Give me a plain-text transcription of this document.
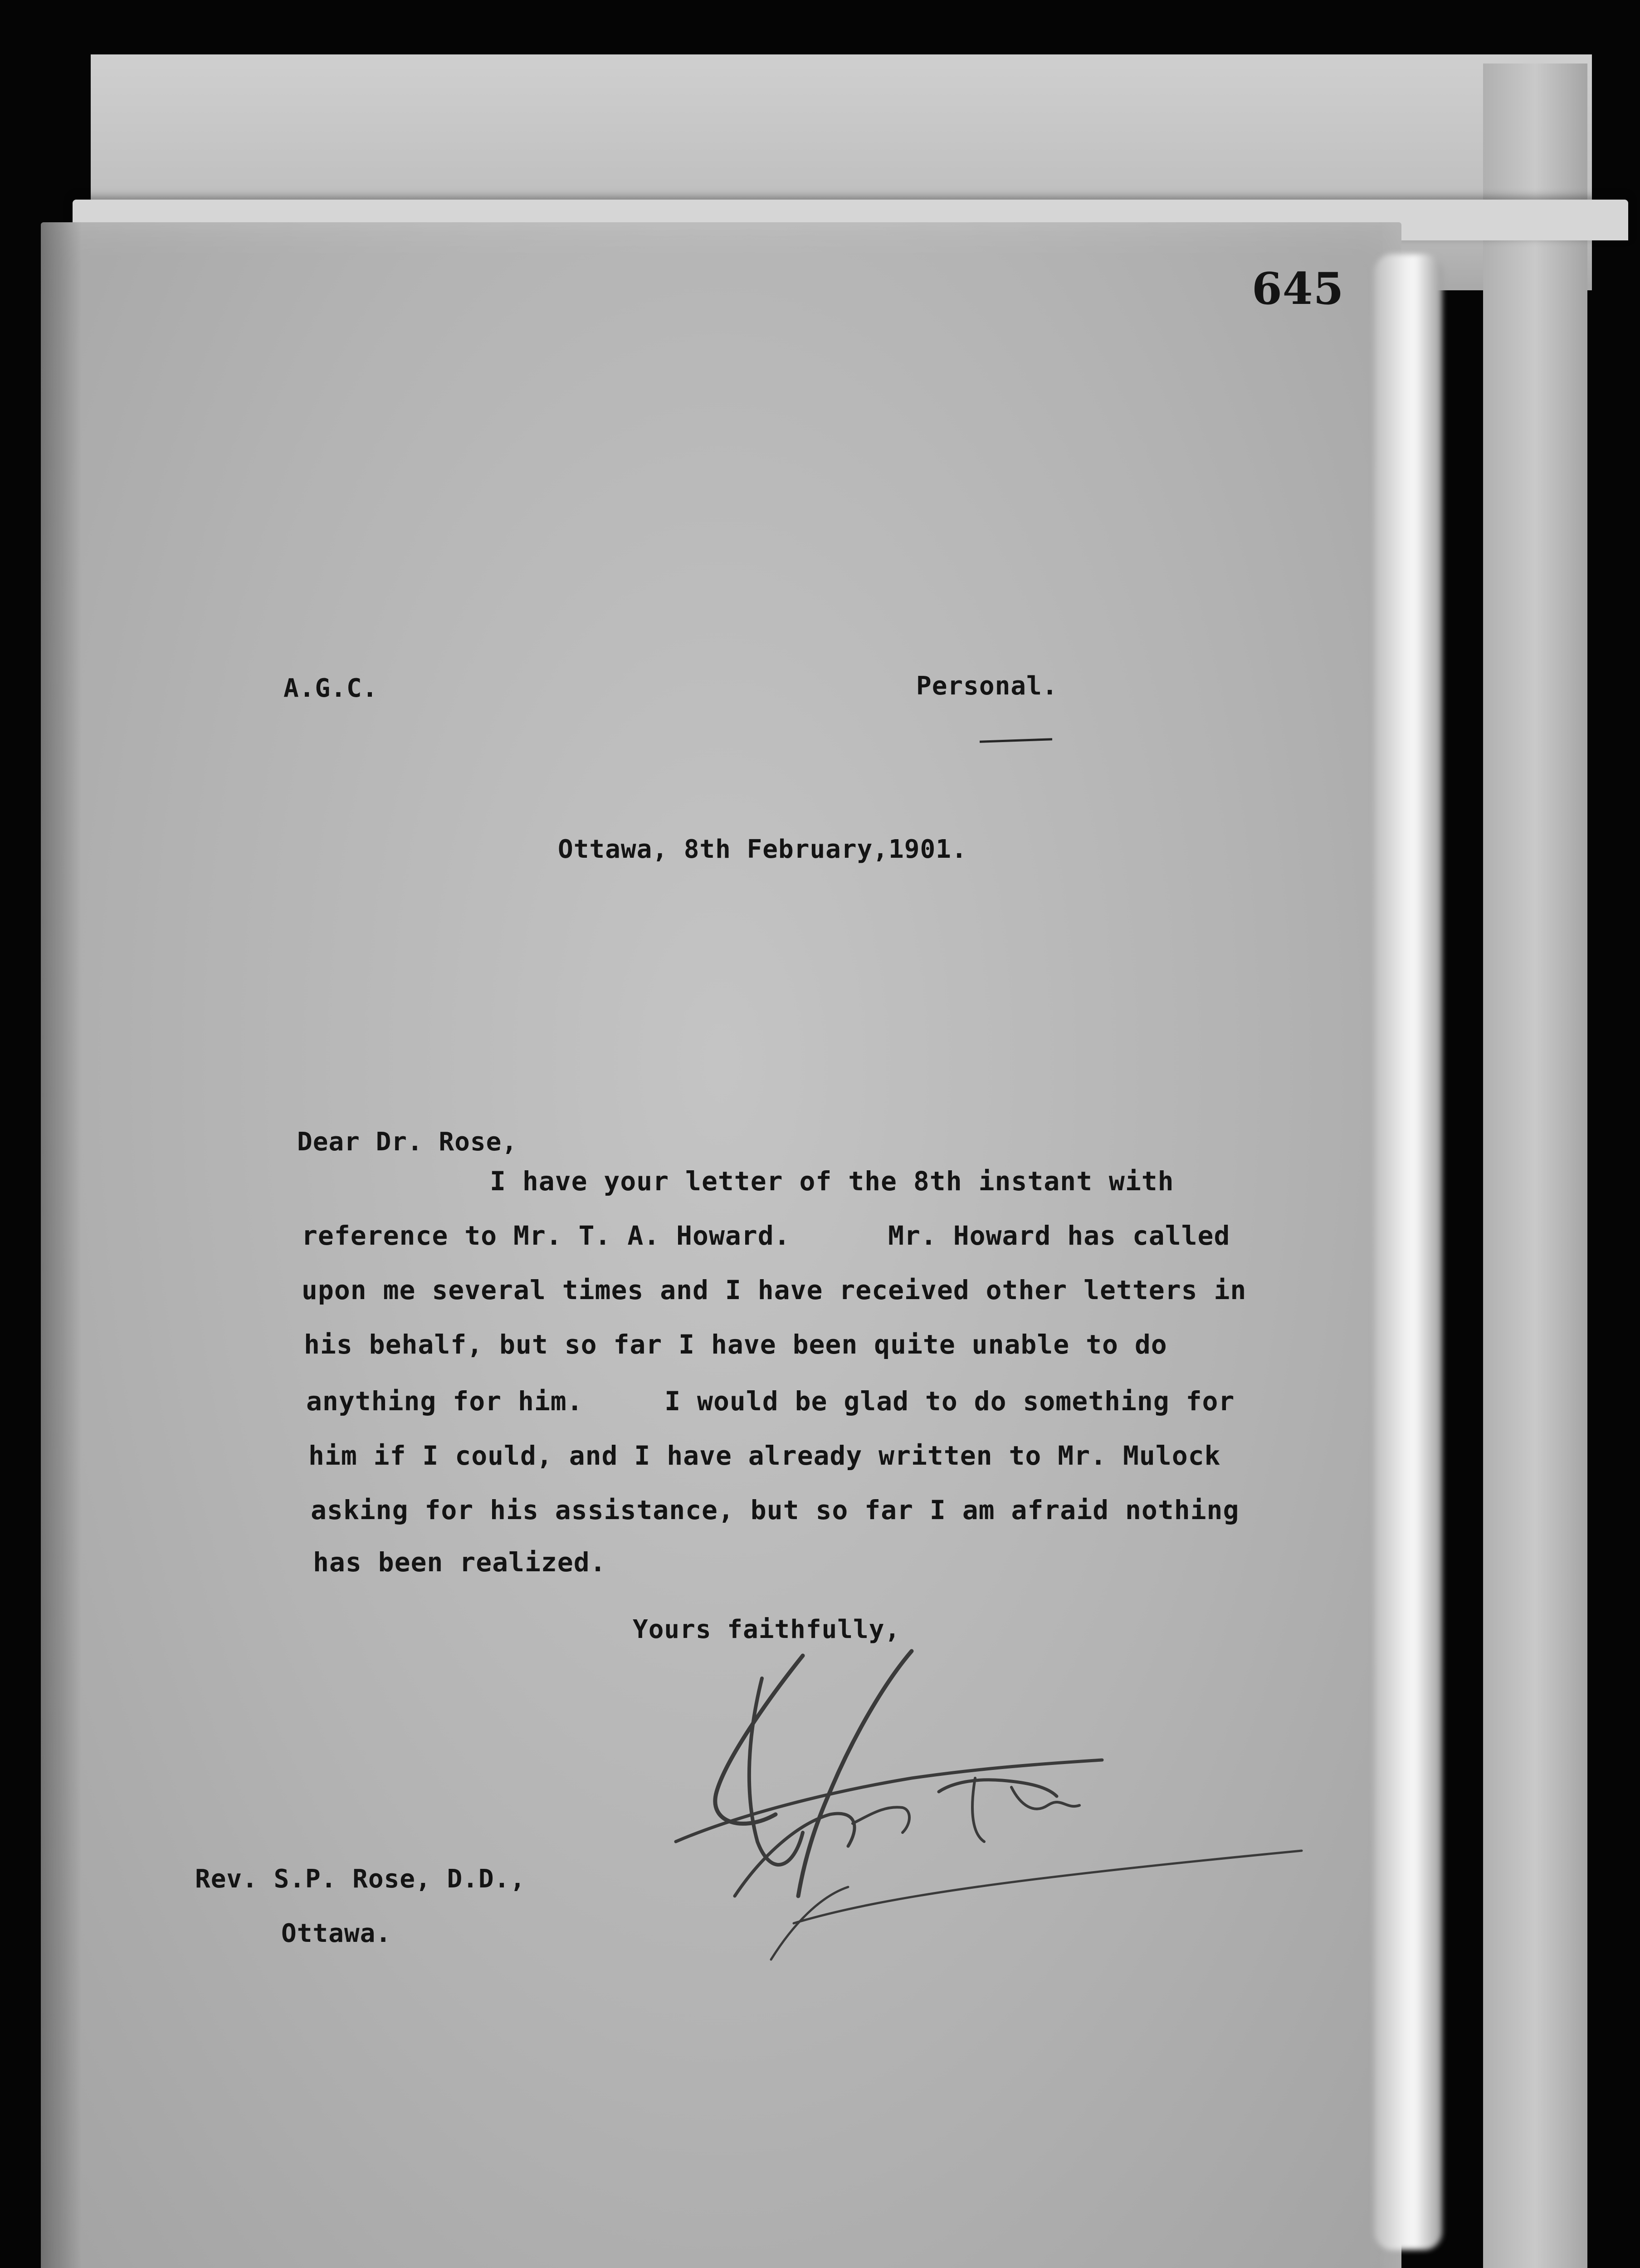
645
A.G.C.	Personal.
Ottawa, 8th February,1901.
Dear Dr. Rose,
I have your letter of the 8th instant with
reference to Mr. T. A. Howard.      Mr. Howard has called
upon me several times and I have received other letters in
his behalf, but so far I have been quite unable to do
anything for him.     I would be glad to do something for
him if I could, and I have already written to Mr. Mulock
asking for his assistance, but so far I am afraid nothing
has been realized.
Yours faithfully,
Rev. S.P. Rose, D.D.,
Ottawa.
